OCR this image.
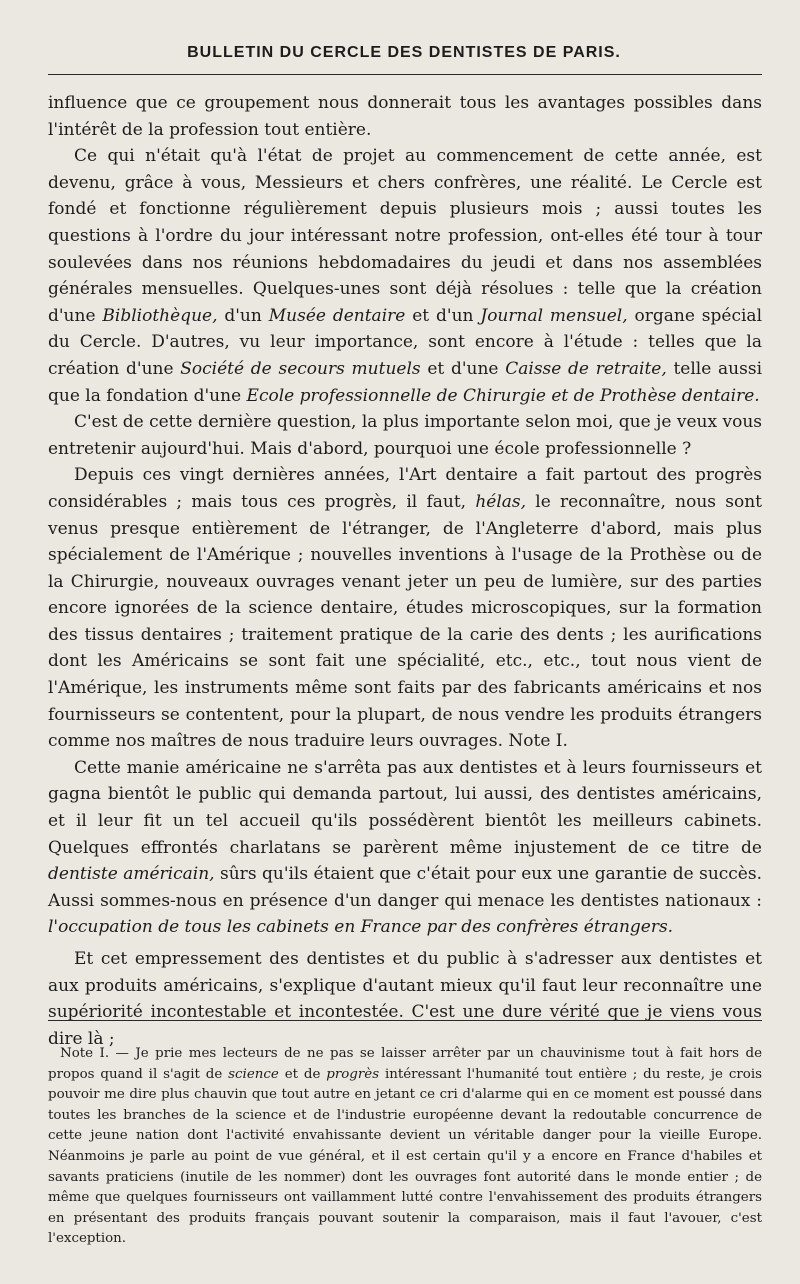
BULLETIN DU CERCLE DES DENTISTES DE PARIS.

influence que ce groupement nous donnerait tous les avantages possibles dans l'intérêt de la profession tout entière.

Ce qui n'était qu'à l'état de projet au commencement de cette année, est devenu, grâce à vous, Messieurs et chers confrères, une réalité. Le Cercle est fondé et fonctionne régulièrement depuis plusieurs mois ; aussi toutes les questions à l'ordre du jour intéressant notre profession, ont-elles été tour à tour soulevées dans nos réunions hebdomadaires du jeudi et dans nos assemblées générales mensuelles. Quelques-unes sont déjà résolues : telle que la création d'une Bibliothèque, d'un Musée dentaire et d'un Journal mensuel, organe spécial du Cercle. D'autres, vu leur importance, sont encore à l'étude : telles que la création d'une Société de secours mutuels et d'une Caisse de retraite, telle aussi que la fondation d'une Ecole professionnelle de Chirurgie et de Prothèse dentaire.

C'est de cette dernière question, la plus importante selon moi, que je veux vous entretenir aujourd'hui. Mais d'abord, pourquoi une école professionnelle ?

Depuis ces vingt dernières années, l'Art dentaire a fait partout des progrès considérables ; mais tous ces progrès, il faut, hélas, le reconnaître, nous sont venus presque entièrement de l'étranger, de l'Angleterre d'abord, mais plus spécialement de l'Amérique ; nouvelles inventions à l'usage de la Prothèse ou de la Chirurgie, nouveaux ouvrages venant jeter un peu de lumière, sur des parties encore ignorées de la science dentaire, études microscopiques, sur la formation des tissus dentaires ; traitement pratique de la carie des dents ; les aurifications dont les Américains se sont fait une spécialité, etc., etc., tout nous vient de l'Amérique, les instruments même sont faits par des fabricants américains et nos fournisseurs se contentent, pour la plupart, de nous vendre les produits étrangers comme nos maîtres de nous traduire leurs ouvrages. Note I.

Cette manie américaine ne s'arrêta pas aux dentistes et à leurs fournisseurs et gagna bientôt le public qui demanda partout, lui aussi, des dentistes américains, et il leur fit un tel accueil qu'ils possédèrent bientôt les meilleurs cabinets. Quelques effrontés charlatans se parèrent même injustement de ce titre de dentiste américain, sûrs qu'ils étaient que c'était pour eux une garantie de succès. Aussi sommes-nous en présence d'un danger qui menace les dentistes nationaux : l'occupation de tous les cabinets en France par des confrères étrangers.

Et cet empressement des dentistes et du public à s'adresser aux dentistes et aux produits américains, s'explique d'autant mieux qu'il faut leur reconnaître une supériorité incontestable et incontestée. C'est une dure vérité que je viens vous dire là ;

Note I. — Je prie mes lecteurs de ne pas se laisser arrêter par un chauvinisme tout à fait hors de propos quand il s'agit de science et de progrès intéressant l'humanité tout entière ; du reste, je crois pouvoir me dire plus chauvin que tout autre en jetant ce cri d'alarme qui en ce moment est poussé dans toutes les branches de la science et de l'industrie européenne devant la redoutable concurrence de cette jeune nation dont l'activité envahissante devient un véritable danger pour la vieille Europe. Néanmoins je parle au point de vue général, et il est certain qu'il y a encore en France d'habiles et savants praticiens (inutile de les nommer) dont les ouvrages font autorité dans le monde entier ; de même que quelques fournisseurs ont vaillamment lutté contre l'envahissement des produits étrangers en présentant des produits français pouvant soutenir la comparaison, mais il faut l'avouer, c'est l'exception.
